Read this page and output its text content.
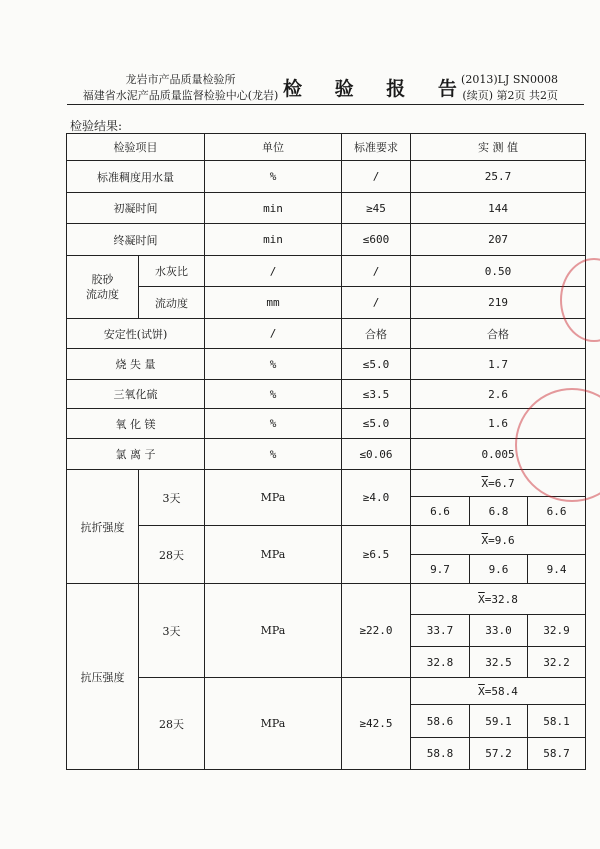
龙岩市产品质量检验所
福建省水泥产品质量监督检验中心(龙岩) 检 验 报 告
(2013)LJ SN0008
(续页) 第2页 共2页
检验结果:
检验项目		单位	标准要求	实 测 值		
标准稠度用水量		%	/	25.7		
初凝时间		min	≥45	144		
终凝时间		min	≤600	207		
胶砂
流动度	水灰比	/	/	0.50		
	流动度	mm	/	219		
安定性(试饼)		/	合格	合格		
烧 失 量		%	≤5.0	1.7		
三氧化硫		%	≤3.5	2.6		
氧 化 镁		%	≤5.0	1.6		
氯 离 子		%	≤0.06	0.005		
抗折强度	3天	MPa	≥4.0	$\overline{X}=6.7$		
				6.6	6.8	6.6
	28天	MPa	≥6.5	$\overline{X}=9.6$		
				9.7	9.6	9.4
抗压强度	3天	MPa	≥22.0	$\overline{X}=32.8$		
				33.7	33.0	32.9
				32.8	32.5	32.2
	28天	MPa	≥42.5	$\overline{X}=58.4$		
				58.6	59.1	58.1
				58.8	57.2	58.7
